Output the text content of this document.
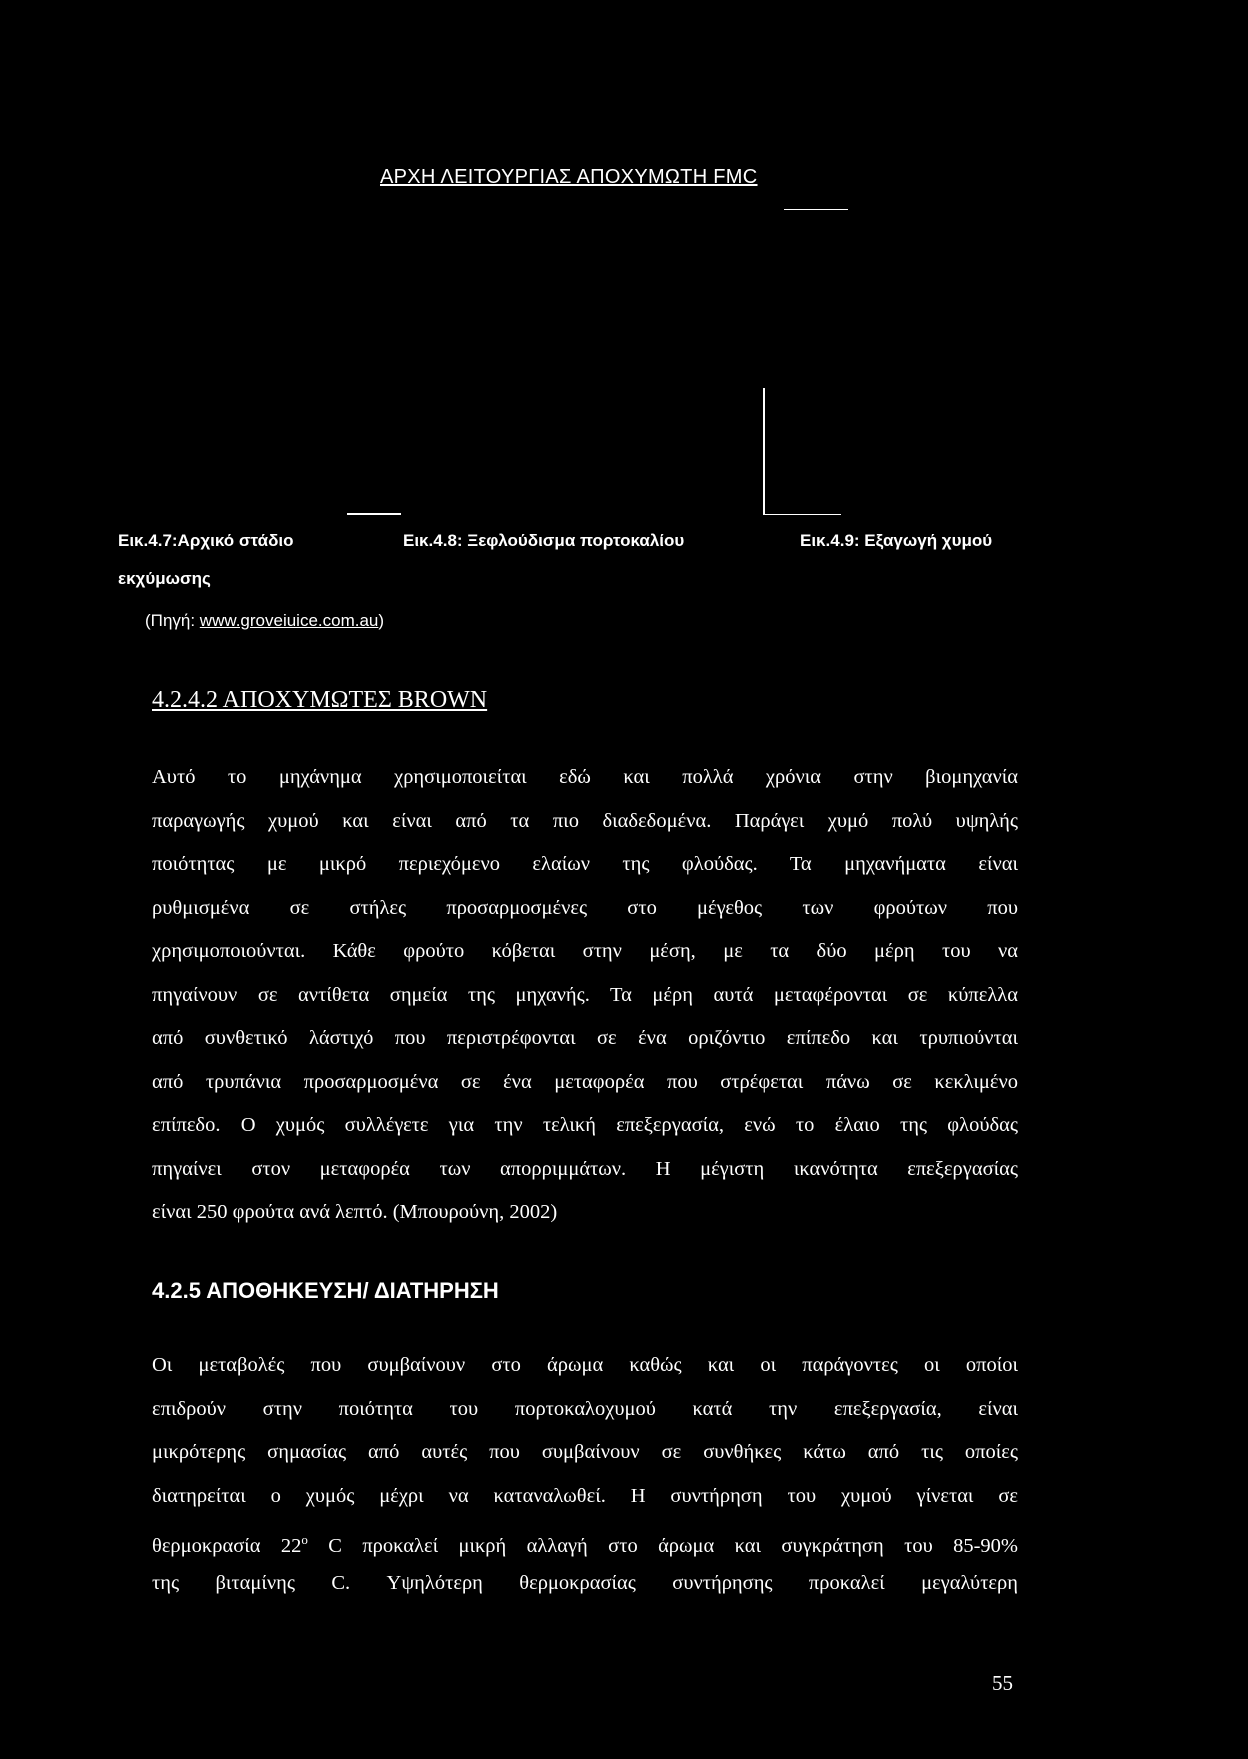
ΑΡΧΗ ΛΕΙΤΟΥΡΓΙΑΣ ΑΠΟΧΥΜΩΤΗ FMC
Εικ.4.7:Αρχικό στάδιο
εκχύμωσης
(Πηγή: www.groveiuice.com.au)
Εικ.4.8: Ξεφλούδισμα πορτοκαλίου	Εικ.4.9: Εξαγωγή χυμού
4.2.4.2 ΑΠΟΧΥΜΩΤΕΣ BROWN
Αυτό το μηχάνημα χρησιμοποιείται εδώ και πολλά χρόνια στην βιομηχανία
παραγωγής χυμού και είναι από τα πιο διαδεδομένα. Παράγει χυμό πολύ υψηλής
ποιότητας με μικρό περιεχόμενο ελαίων της φλούδας. Τα μηχανήματα είναι
ρυθμισμένα σε στήλες προσαρμοσμένες στο μέγεθος των φρούτων που
χρησιμοποιούνται. Κάθε φρούτο κόβεται στην μέση, με τα δύο μέρη του να
πηγαίνουν σε αντίθετα σημεία της μηχανής. Τα μέρη αυτά μεταφέρονται σε κύπελλα
από συνθετικό λάστιχό που περιστρέφονται σε ένα οριζόντιο επίπεδο και τρυπιούνται
από τρυπάνια προσαρμοσμένα σε ένα μεταφορέα που στρέφεται πάνω σε κεκλιμένο
επίπεδο. Ο χυμός συλλέγετε για την τελική επεξεργασία, ενώ το έλαιο της φλούδας
πηγαίνει στον μεταφορέα των απορριμμάτων. Η μέγιστη ικανότητα επεξεργασίας
είναι 250 φρούτα ανά λεπτό. (Μπουρούνη, 2002)
4.2.5 ΑΠΟΘΗΚΕΥΣΗ/ ΔΙΑΤΗΡΗΣΗ
Οι μεταβολές που συμβαίνουν στο άρωμα καθώς και οι παράγοντες οι οποίοι
επιδρούν στην ποιότητα του πορτοκαλοχυμού κατά την επεξεργασία, είναι
μικρότερης σημασίας από αυτές που συμβαίνουν σε συνθήκες κάτω από τις οποίες
διατηρείται ο χυμός μέχρι να καταναλωθεί. Η συντήρηση του χυμού γίνεται σε
θερμοκρασία 22$^o$ C προκαλεί μικρή αλλαγή στο άρωμα και συγκράτηση του 85-90%
της βιταμίνης C. Υψηλότερη θερμοκρασίας συντήρησης προκαλεί μεγαλύτερη
55
